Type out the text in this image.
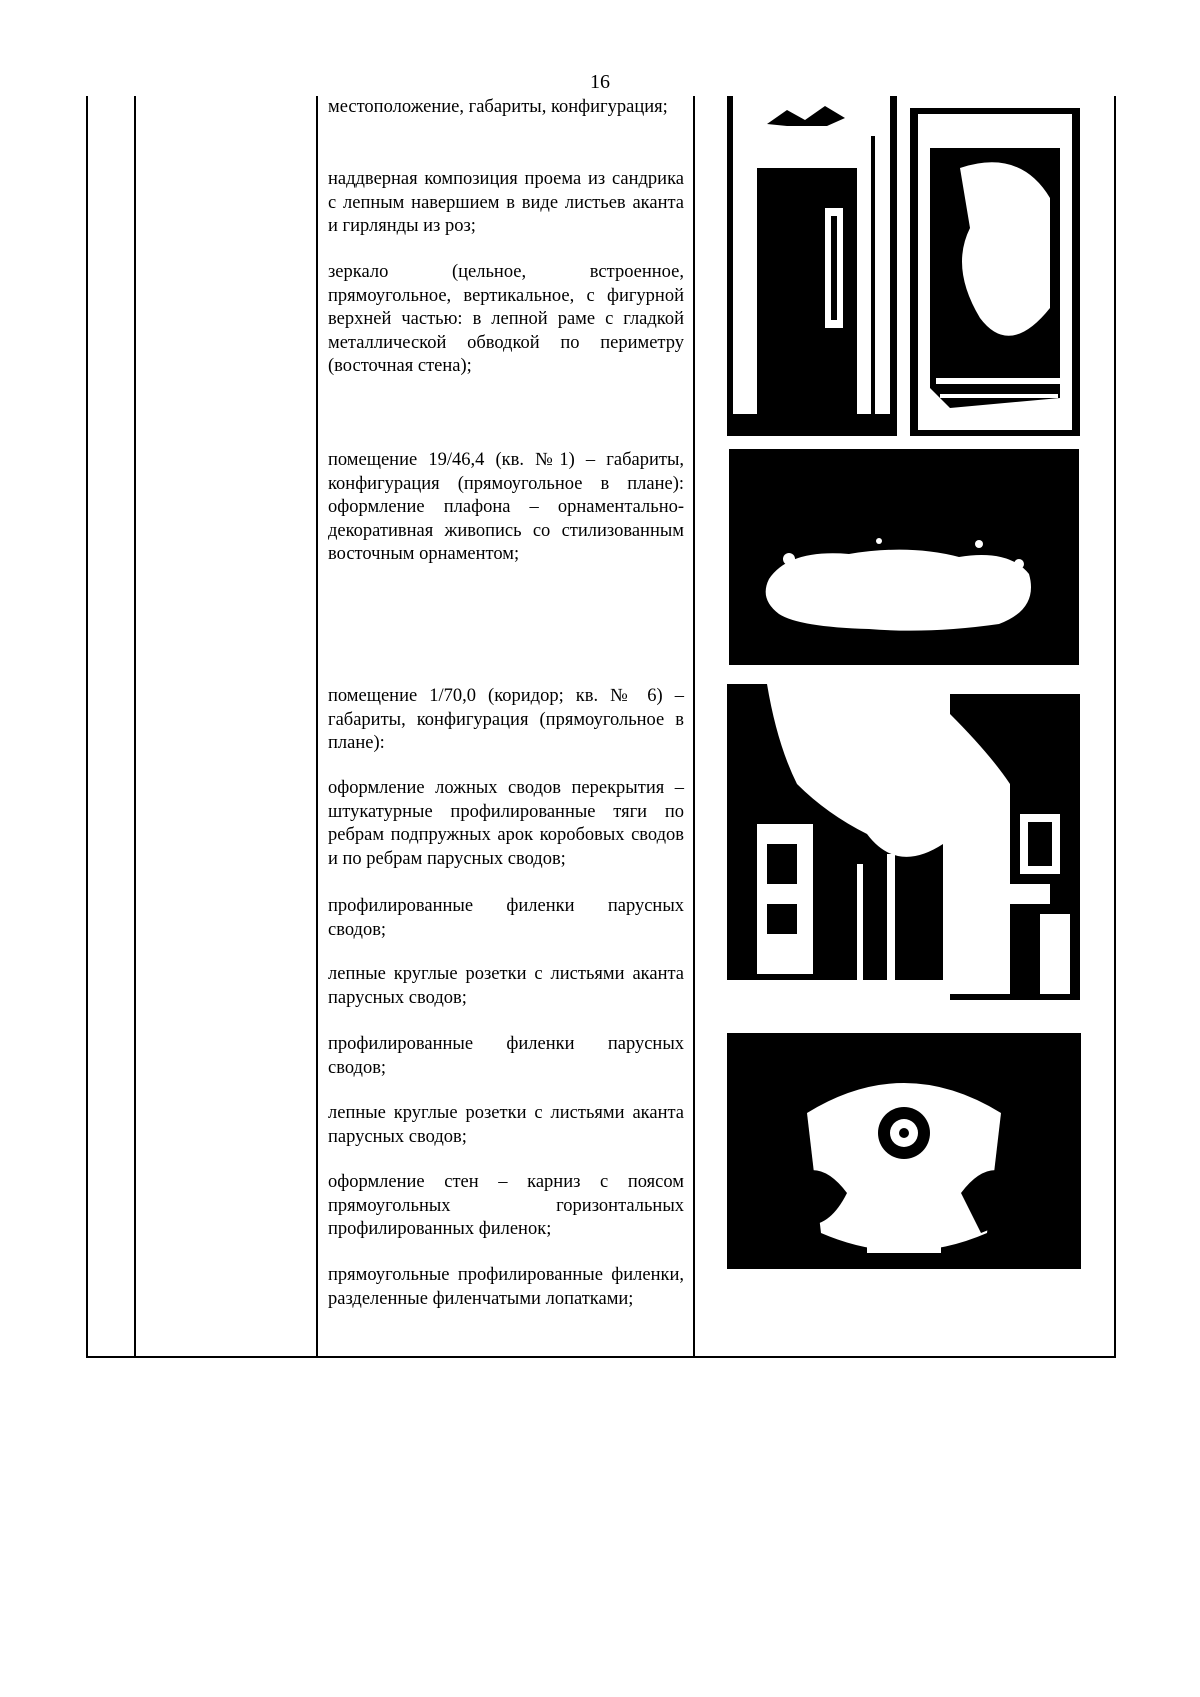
16

местоположение, габариты, конфигурация;

наддверная композиция проема из сандрика с лепным навершием в виде листьев аканта и гирлянды из роз;

зеркало (цельное, встроенное, прямоугольное, вертикальное, с фигурной верхней частью: в лепной раме с гладкой металлической обводкой по периметру (восточная стена);

помещение 19/46,4 (кв. №1) – габариты, конфигурация (прямоугольное в плане): оформление плафона – орнаментально-декоративная живопись со стилизованным восточным орнаментом;

помещение 1/70,0 (коридор; кв. № 6) – габариты, конфигурация (прямоугольное в плане):

оформление ложных сводов перекрытия – штукатурные профилированные тяги по ребрам подпружных арок коробовых сводов и по ребрам парусных сводов;

профилированные филенки парусных сводов;

лепные круглые розетки с листьями аканта парусных сводов;

профилированные филенки парусных сводов;

лепные круглые розетки с листьями аканта парусных сводов;

оформление стен – карниз с поясом прямоугольных горизонтальных профилированных филенок;

прямоугольные профилированные филенки, разделенные филенчатыми лопатками;
